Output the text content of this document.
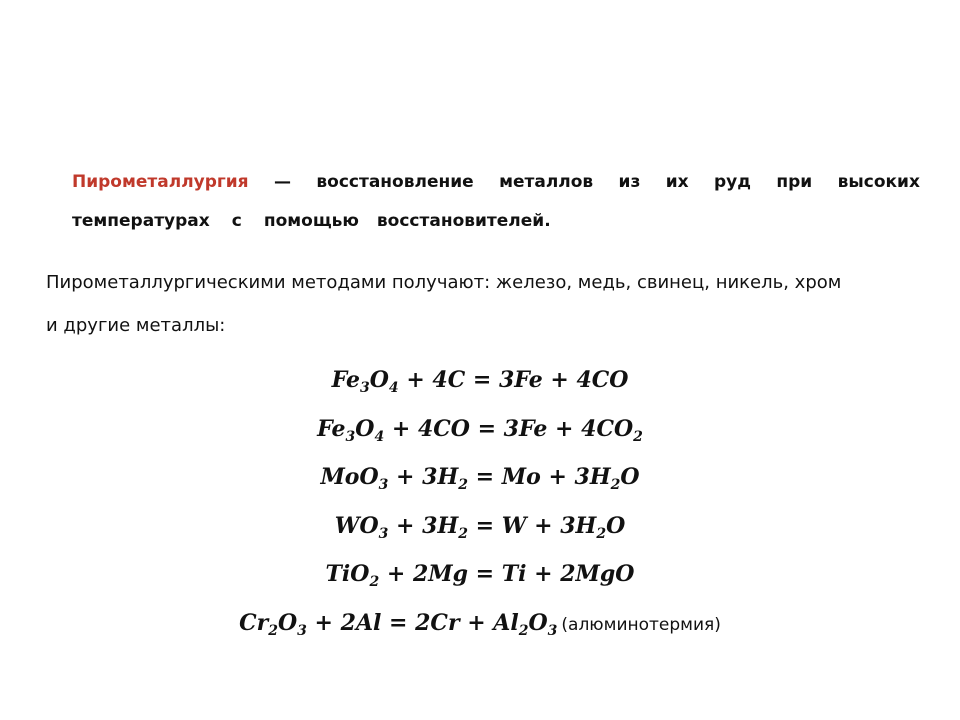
Пирометаллургия — восстановление металлов из их руд при высоких
температурах с помощью восстановителей.
Пирометаллургическими методами получают: железо, медь, свинец, никель, хром
и другие металлы:
$Fe_3O_4 + 4C = 3Fe + 4CO$
$Fe_3O_4 + 4CO = 3Fe + 4CO_2$
$MoO_3 + 3H_2 = Mo + 3H_2O$
$WO_3 + 3H_2 = W + 3H_2O$
TiO$_2$ + 2Mg = Ti + 2MgO
$Cr_2O_3 + 2Al = 2Cr + Al_2O_3$ (алюминотермия)
